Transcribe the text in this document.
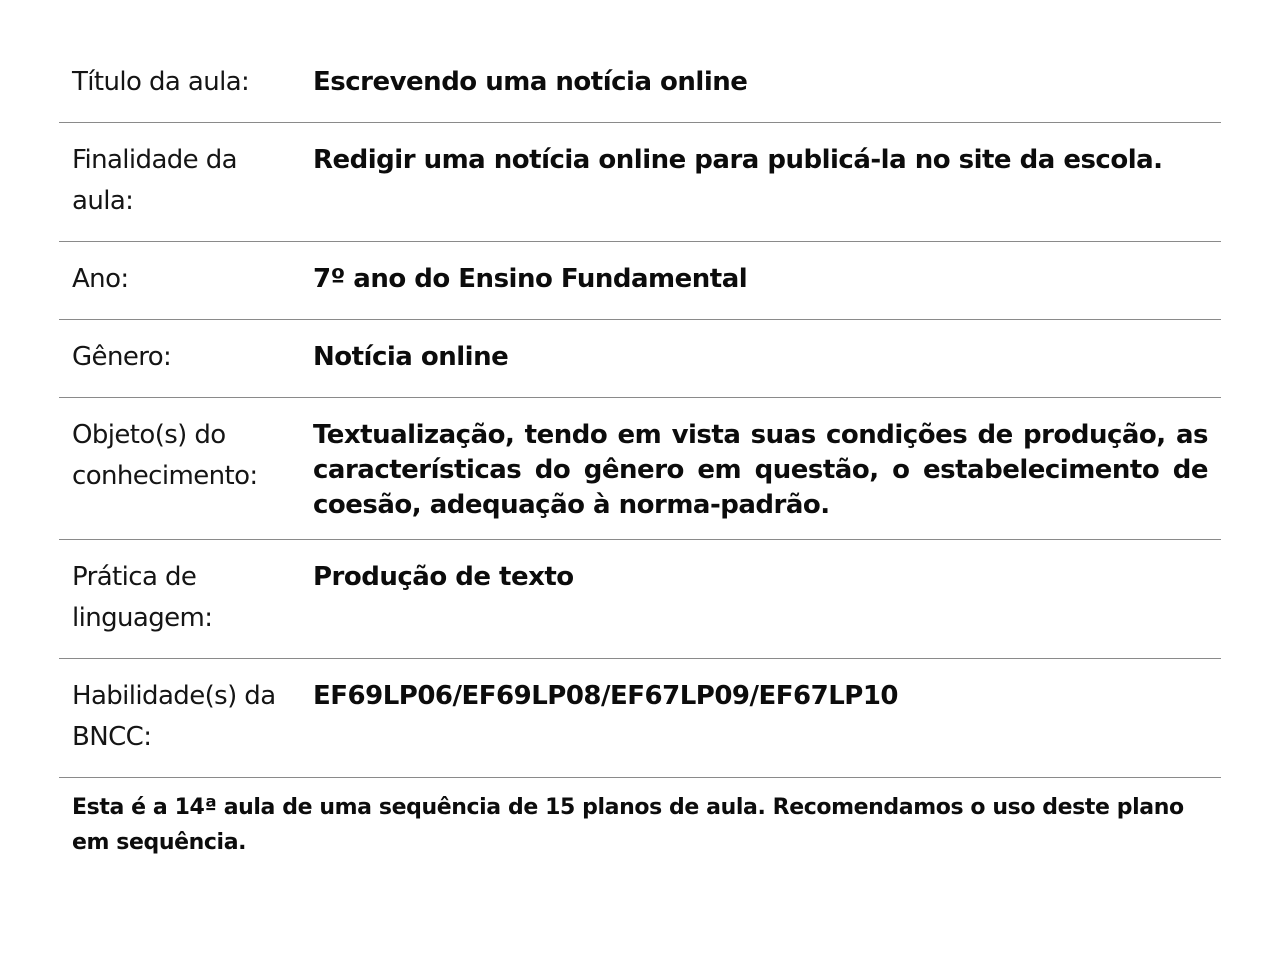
Título da aula:	Escrevendo uma notícia online
Finalidade da aula:	Redigir uma notícia online para publicá-la no site da escola.
Ano:	7º ano do Ensino Fundamental
Gênero:	Notícia online
Objeto(s) do conhecimento:	Textualização, tendo em vista suas condições de produção, as características do gênero em questão, o estabelecimento de coesão, adequação à norma-padrão.
Prática de linguagem:	Produção de texto
Habilidade(s) da BNCC:	EF69LP06/EF69LP08/EF67LP09/EF67LP10

Esta é a 14ª aula de uma sequência de 15 planos de aula. Recomendamos o uso deste plano em sequência.
